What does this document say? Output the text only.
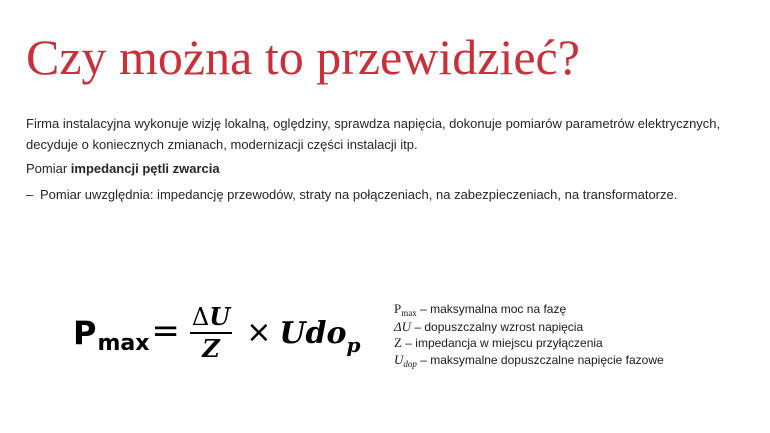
Czy można to przewidzieć?
Firma instalacyjna wykonuje wizję lokalną, oględziny, sprawdza napięcia, dokonuje pomiarów parametrów elektrycznych, decyduje o koniecznych zmianach, modernizacji części instalacji itp.
Pomiar impedancji pętli zwarcia
– Pomiar uwzględnia: impedancję przewodów, straty na połączeniach, na zabezpieczeniach, na transformatorze.
P $\max = \frac{\Delta U}{Z}$ × Udo p
$P_{max}$ – maksymalna moc na fazę
ΔU – dopuszczalny wzrost napięcia
Z – impedancja w miejscu przyłączenia
$U_{dop}$ – maksymalne dopuszczalne napięcie fazowe
